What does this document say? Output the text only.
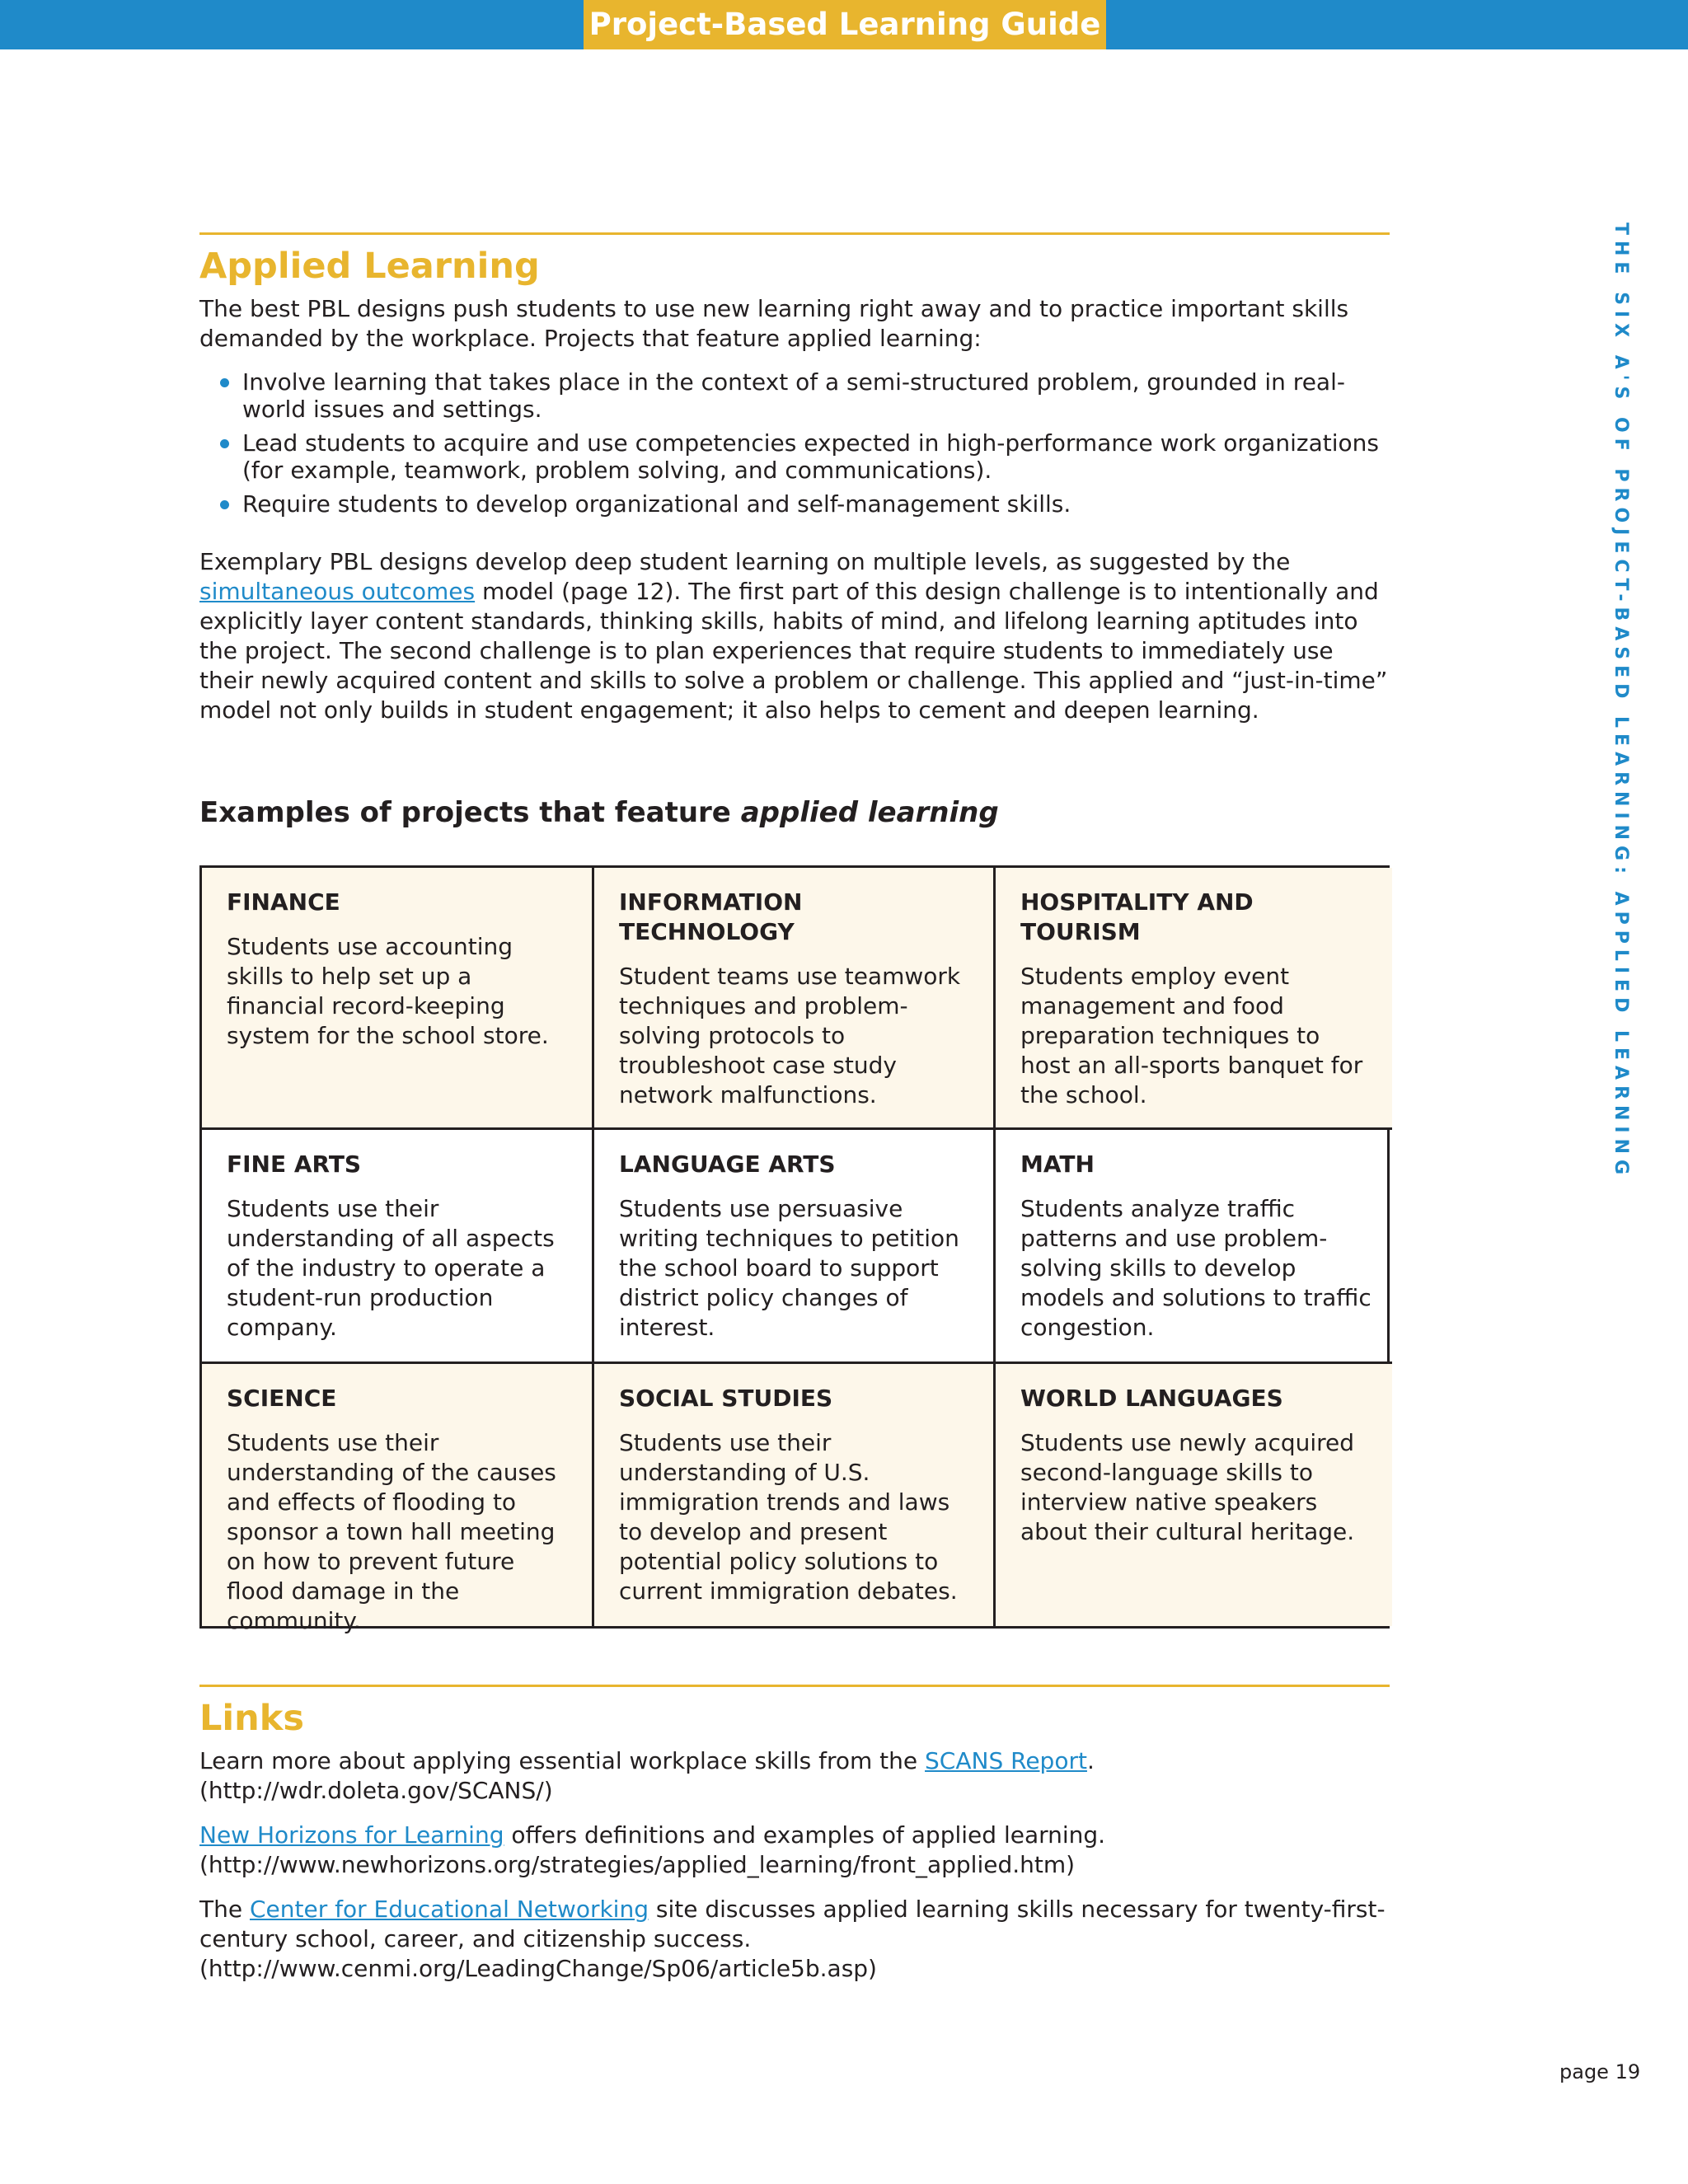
Project-Based Learning Guide
THE SIX A'S OF PROJECT-BASED LEARNING: APPLIED LEARNING
Applied Learning

The best PBL designs push students to use new learning right away and to practice important skills demanded by the workplace. Projects that feature applied learning:

Involve learning that takes place in the context of a semi-structured problem, grounded in real-world issues and settings.
Lead students to acquire and use competencies expected in high-performance work organizations (for example, teamwork, problem solving, and communications).
Require students to develop organizational and self-management skills.

Exemplary PBL designs develop deep student learning on multiple levels, as suggested by the simultaneous outcomes model (page 12). The first part of this design challenge is to intentionally and explicitly layer content standards, thinking skills, habits of mind, and lifelong learning aptitudes into the project. The second challenge is to plan experiences that require students to immediately use their newly acquired content and skills to solve a problem or challenge. This applied and “just-in-time” model not only builds in student engagement; it also helps to cement and deepen learning.

Examples of projects that feature applied learning

FINANCE

Students use accounting skills to help set up a financial record-keeping system for the school store.

INFORMATION TECHNOLOGY

Student teams use teamwork techniques and problem-solving protocols to troubleshoot case study network malfunctions.

HOSPITALITY AND TOURISM

Students employ event management and food preparation techniques to host an all-sports banquet for the school.

FINE ARTS

Students use their understanding of all aspects of the industry to operate a student-run production company.

LANGUAGE ARTS

Students use persuasive writing techniques to petition the school board to support district policy changes of interest.

MATH

Students analyze traffic patterns and use problem-solving skills to develop models and solutions to traffic congestion.

SCIENCE

Students use their understanding of the causes and effects of flooding to sponsor a town hall meeting on how to prevent future flood damage in the community.

SOCIAL STUDIES

Students use their understanding of U.S. immigration trends and laws to develop and present potential policy solutions to current immigration debates.

WORLD LANGUAGES

Students use newly acquired second-language skills to interview native speakers about their cultural heritage.

Links

Learn more about applying essential workplace skills from the SCANS Report. (http://wdr.doleta.gov/SCANS/)

New Horizons for Learning offers definitions and examples of applied learning. (http://www.newhorizons.org/strategies/applied_learning/front_applied.htm)

The Center for Educational Networking site discusses applied learning skills necessary for twenty-first-century school, career, and citizenship success. (http://www.cenmi.org/LeadingChange/Sp06/article5b.asp)

page 19
